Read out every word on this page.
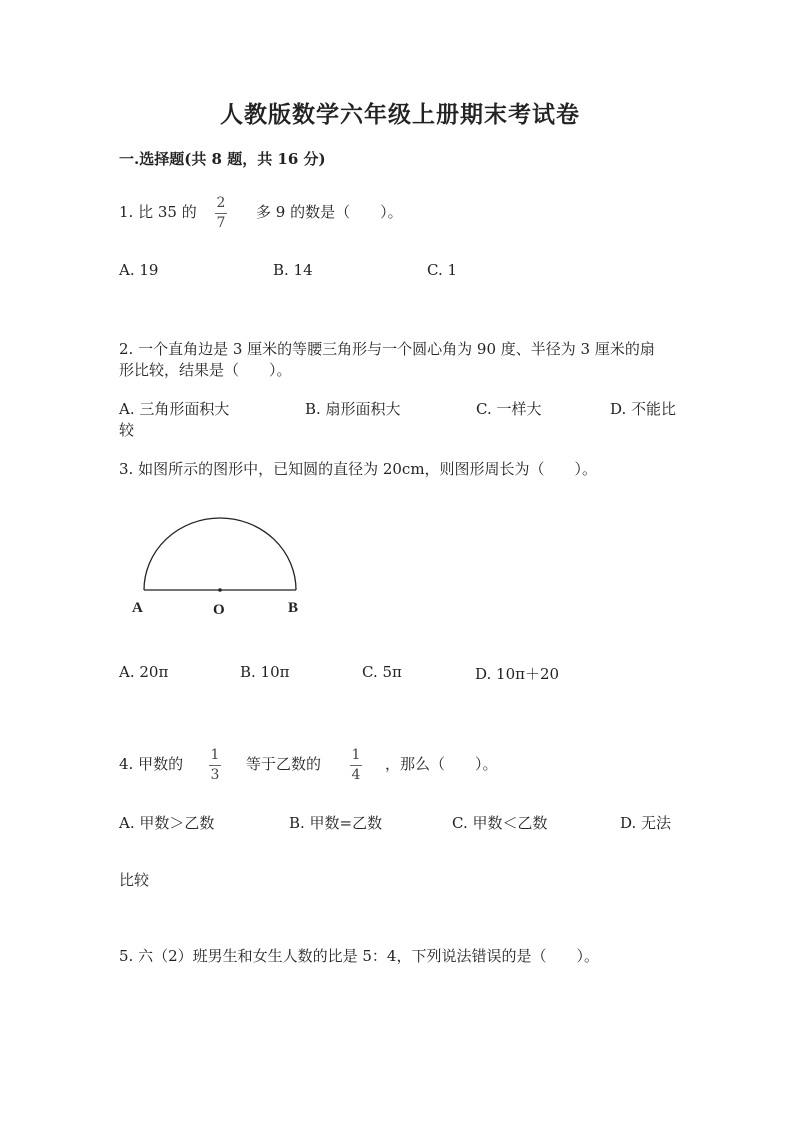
人教版数学六年级上册期末考试卷
一.选择题(共 8 题，共 16 分)
1. 比 35 的 2
7
多 9 的数是（　　）。
A. 19	B. 14	C. 1
2. 一个直角边是 3 厘米的等腰三角形与一个圆心角为 90 度、半径为 3 厘米的扇
形比较，结果是（　　）。
A. 三角形面积大	B. 扇形面积大	C. 一样大	D. 不能比
较
3. 如图所示的图形中，已知圆的直径为 20cm，则图形周长为（　　）。
A	O	B
A. 20π	B. 10π	C. 5π	D. 10π＋20
4. 甲数的 1
3
等于乙数的 1
4
，那么（　　）。
A. 甲数＞乙数	B. 甲数=乙数	C. 甲数＜乙数	D. 无法
比较
5. 六（2）班男生和女生人数的比是 5：4，下列说法错误的是（　　）。
